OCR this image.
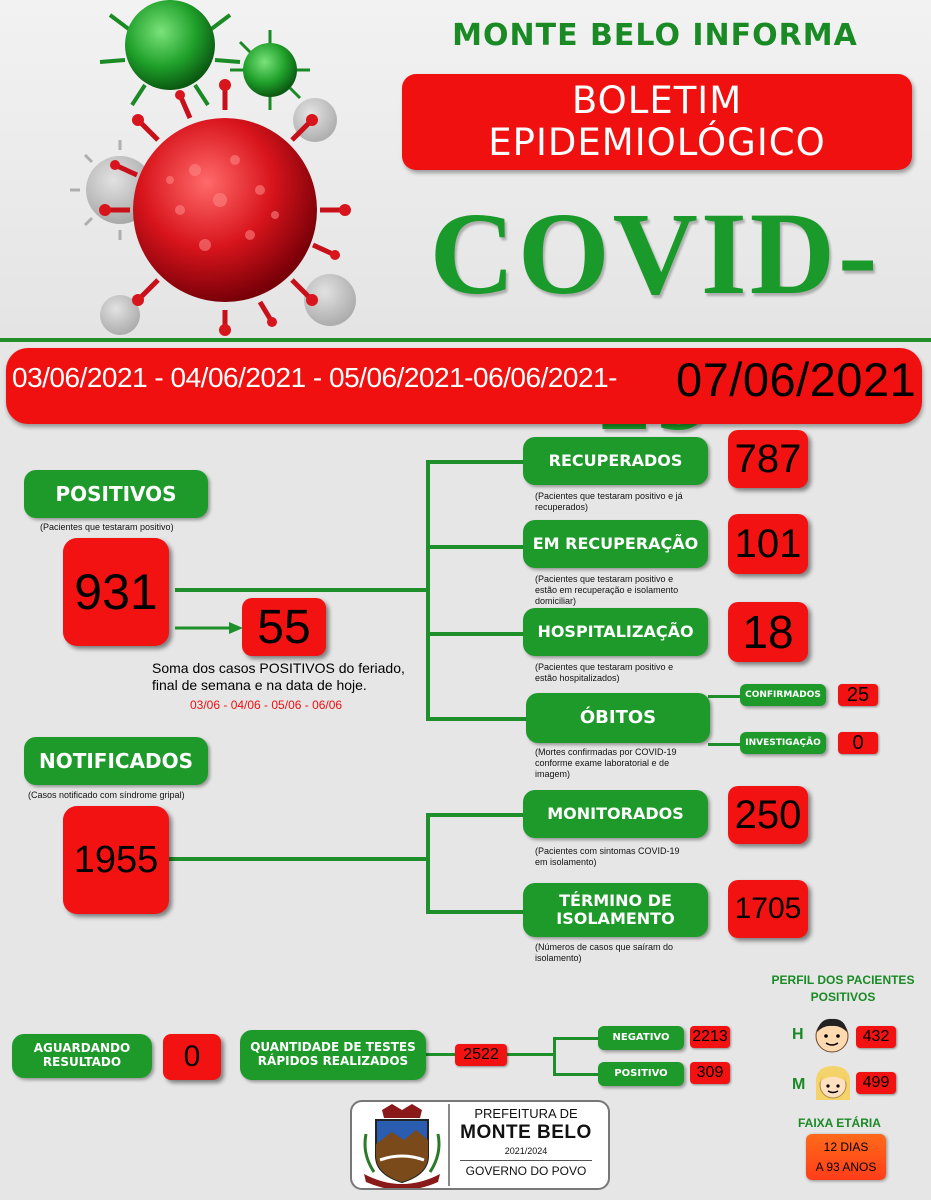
MONTE BELO INFORMA
BOLETIM
EPIDEMIOLÓGICO
COVID-
03/06/2021 - 04/06/2021 - 05/06/2021-06/06/2021- 07/06/2021
POSITIVOS
(Pacientes que testaram positivo)
931
55
Soma dos casos POSITIVOS do feriado,
final de semana e na data de hoje.
03/06 - 04/06 - 05/06 - 06/06
RECUPERADOS	787
(Pacientes que testaram positivo e já
recuperados)
EM RECUPERAÇÃO 101
(Pacientes que testaram positivo e
estão em recuperação e isolamento
domiciliar)
HOSPITALIZAÇÃO	18
(Pacientes que testaram positivo e
estão hospitalizados)
ÓBITOS
(Mortes confirmadas por COVID-19
conforme exame laboratorial e de
imagem)
CONFIRMADOS	25
INVESTIGAÇÃO	0
NOTIFICADOS
(Casos notificado com síndrome gripal)
1955
MONITORADOS	250
(Pacientes com sintomas COVID-19
em isolamento)
TÉRMINO DE
ISOLAMENTO 1705
(Números de casos que saíram do
isolamento)
AGUARDANDO
RESULTADO	0	QUANTIDADE DE TESTES
RÁPIDOS REALIZADOS	2522
NEGATIVO	2213
POSITIVO	309
PERFIL DOS PACIENTES
POSITIVOS
H	432
M	499
FAIXA ETÁRIA
12 DIAS
A 93 ANOS
PREFEITURA DE
MONTE BELO
2021/2024
GOVERNO DO POVO
